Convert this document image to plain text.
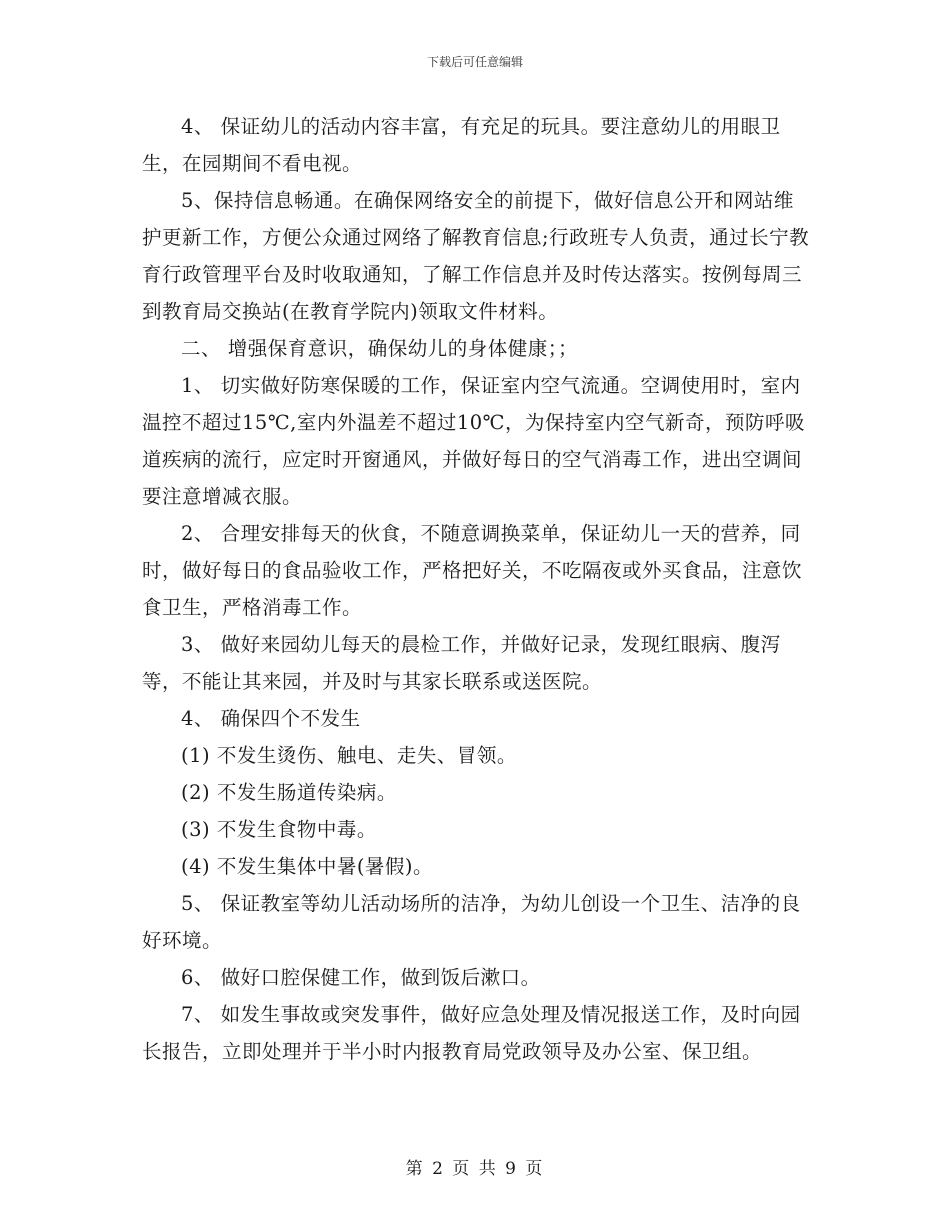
下载后可任意编辑

4、 保证幼儿的活动内容丰富，有充足的玩具。要注意幼儿的用眼卫生，在园期间不看电视。

5、保持信息畅通。在确保网络安全的前提下，做好信息公开和网站维护更新工作，方便公众通过网络了解教育信息;行政班专人负责，通过长宁教育行政管理平台及时收取通知，了解工作信息并及时传达落实。按例每周三到教育局交换站(在教育学院内)领取文件材料。

二、 增强保育意识，确保幼儿的身体健康；；

1、 切实做好防寒保暖的工作，保证室内空气流通。空调使用时，室内温控不超过15℃,室内外温差不超过10℃，为保持室内空气新奇，预防呼吸道疾病的流行，应定时开窗通风，并做好每日的空气消毒工作，进出空调间要注意增减衣服。

2、 合理安排每天的伙食，不随意调换菜单，保证幼儿一天的营养，同时，做好每日的食品验收工作，严格把好关，不吃隔夜或外买食品，注意饮食卫生，严格消毒工作。

3、 做好来园幼儿每天的晨检工作，并做好记录，发现红眼病、腹泻等，不能让其来园，并及时与其家长联系或送医院。

4、 确保四个不发生

(1) 不发生烫伤、触电、走失、冒领。

(2) 不发生肠道传染病。

(3) 不发生食物中毒。

(4) 不发生集体中暑(暑假)。

5、 保证教室等幼儿活动场所的洁净，为幼儿创设一个卫生、洁净的良好环境。

6、 做好口腔保健工作，做到饭后漱口。

7、 如发生事故或突发事件，做好应急处理及情况报送工作，及时向园长报告，立即处理并于半小时内报教育局党政领导及办公室、保卫组。

第 2 页 共 9 页
